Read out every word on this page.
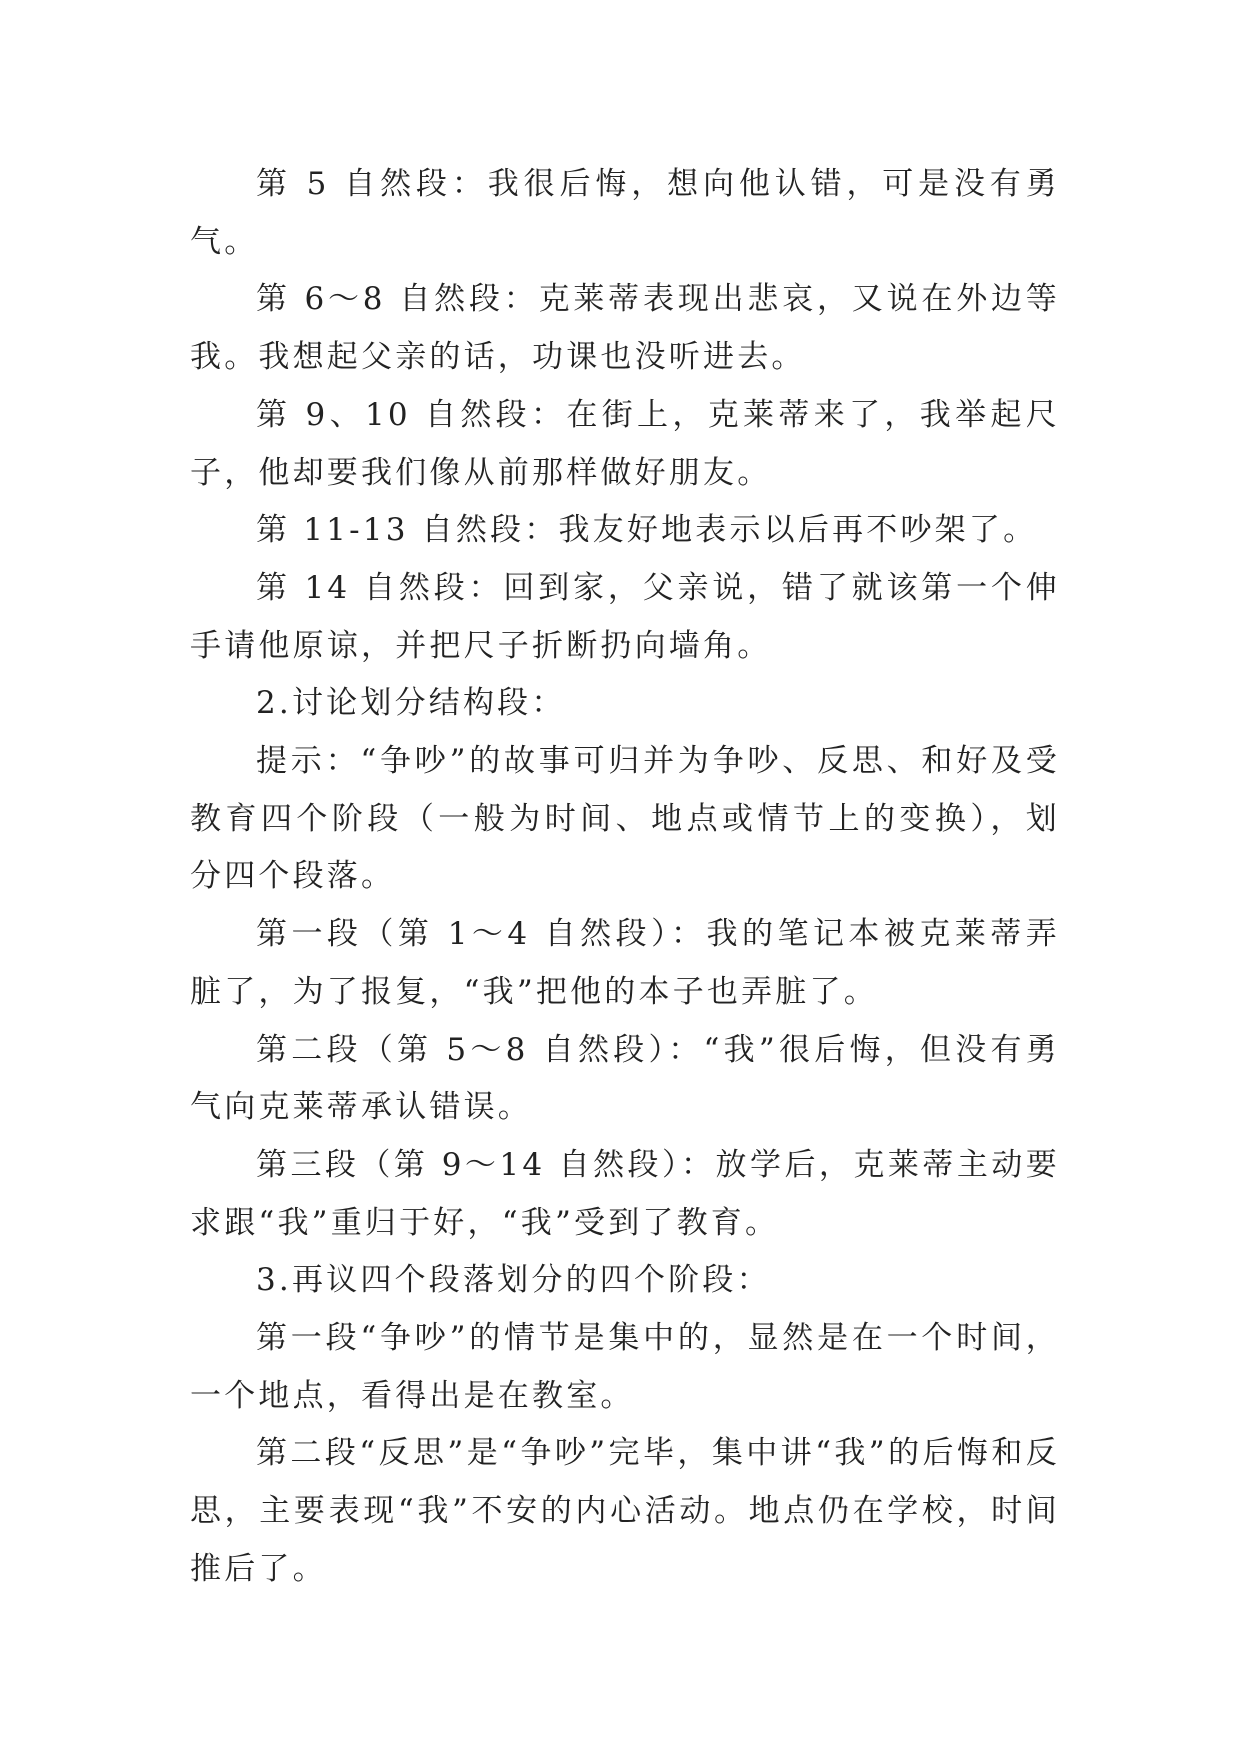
第 5 自然段：我很后悔，想向他认错，可是没有勇气。

第 6～8 自然段：克莱蒂表现出悲哀，又说在外边等我。我想起父亲的话，功课也没听进去。

第 9、10 自然段：在街上，克莱蒂来了，我举起尺子，他却要我们像从前那样做好朋友。

第 11-13 自然段：我友好地表示以后再不吵架了。

第 14 自然段：回到家，父亲说，错了就该第一个伸手请他原谅，并把尺子折断扔向墙角。

2.讨论划分结构段：

提示：“争吵”的故事可归并为争吵、反思、和好及受教育四个阶段（一般为时间、地点或情节上的变换），划分四个段落。

第一段（第 1～4 自然段）：我的笔记本被克莱蒂弄脏了，为了报复，“我”把他的本子也弄脏了。

第二段（第 5～8 自然段）：“我”很后悔，但没有勇气向克莱蒂承认错误。

第三段（第 9～14 自然段）：放学后，克莱蒂主动要求跟“我”重归于好，“我”受到了教育。

3.再议四个段落划分的四个阶段：

第一段“争吵”的情节是集中的，显然是在一个时间，一个地点，看得出是在教室。

第二段“反思”是“争吵”完毕，集中讲“我”的后悔和反思，主要表现“我”不安的内心活动。地点仍在学校，时间推后了。
